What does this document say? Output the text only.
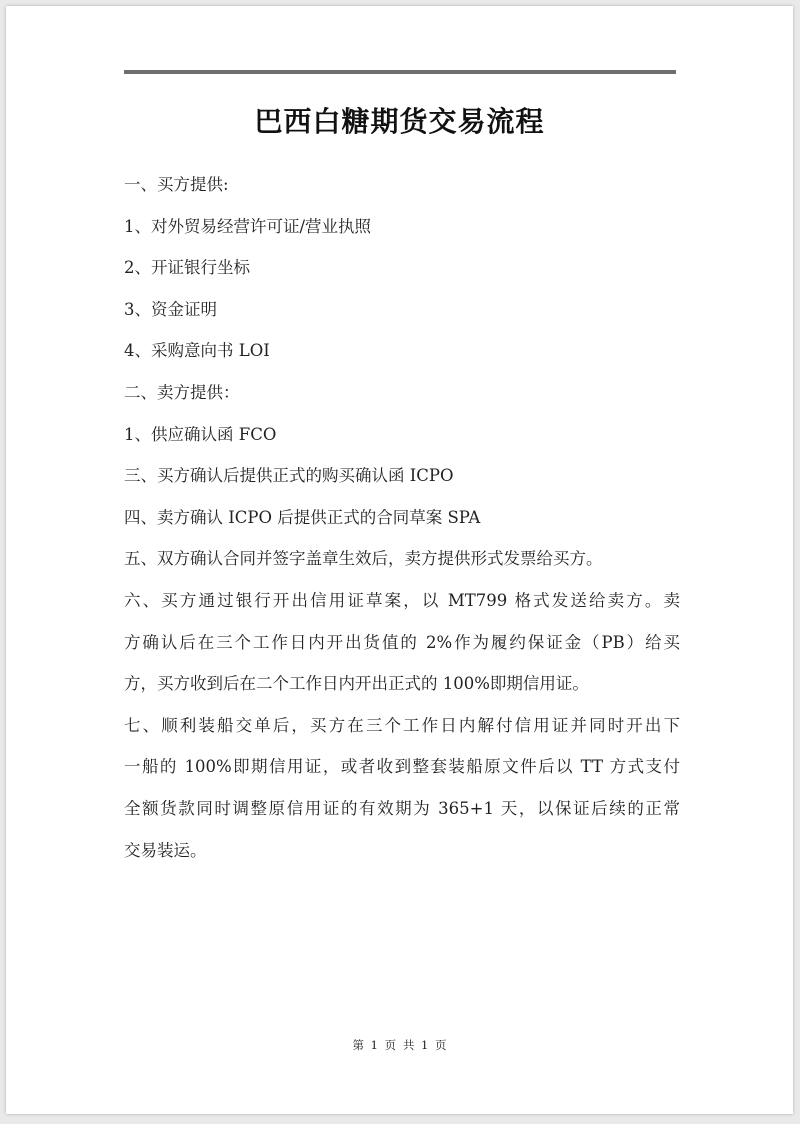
巴西白糖期货交易流程
一、买方提供:
1、对外贸易经营许可证/营业执照
2、开证银行坐标
3、资金证明
4、采购意向书 LOI
二、卖方提供：
1、供应确认函 FCO
三、买方确认后提供正式的购买确认函 ICPO
四、卖方确认 ICPO 后提供正式的合同草案 SPA
五、双方确认合同并签字盖章生效后，卖方提供形式发票给买方。
六、买方通过银行开出信用证草案，以 MT799 格式发送给卖方。卖
方确认后在三个工作日内开出货值的 2%作为履约保证金（PB）给买
方，买方收到后在二个工作日内开出正式的 100%即期信用证。
七、顺利装船交单后，买方在三个工作日内解付信用证并同时开出下
一船的 100%即期信用证，或者收到整套装船原文件后以 TT 方式支付
全额货款同时调整原信用证的有效期为 365+1 天，以保证后续的正常
交易装运。
第 1 页 共 1 页
